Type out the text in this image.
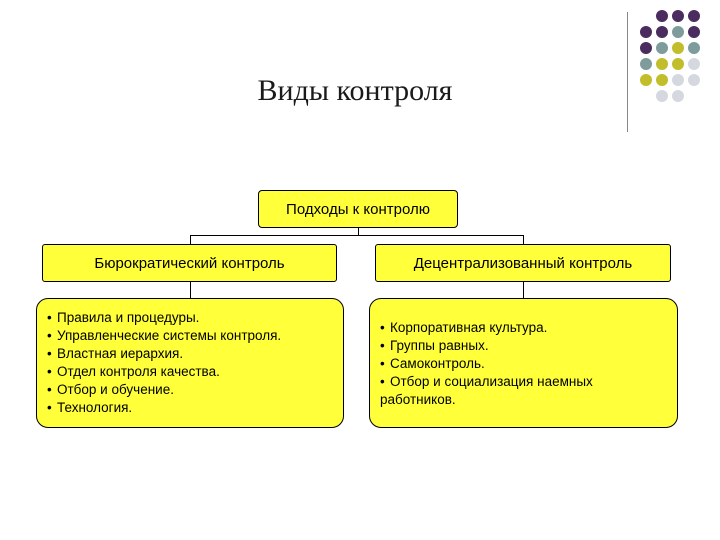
Виды контроля
Подходы к контролю
Бюрократический контроль	Децентрализованный контроль
• Правила и процедуры.
• Управленческие системы контроля.
• Властная иерархия.
• Отдел контроля качества.
• Отбор и обучение.
• Технология.
• Корпоративная культура.
• Группы равных.
• Самоконтроль.
• Отбор и социализация наемных работников.
